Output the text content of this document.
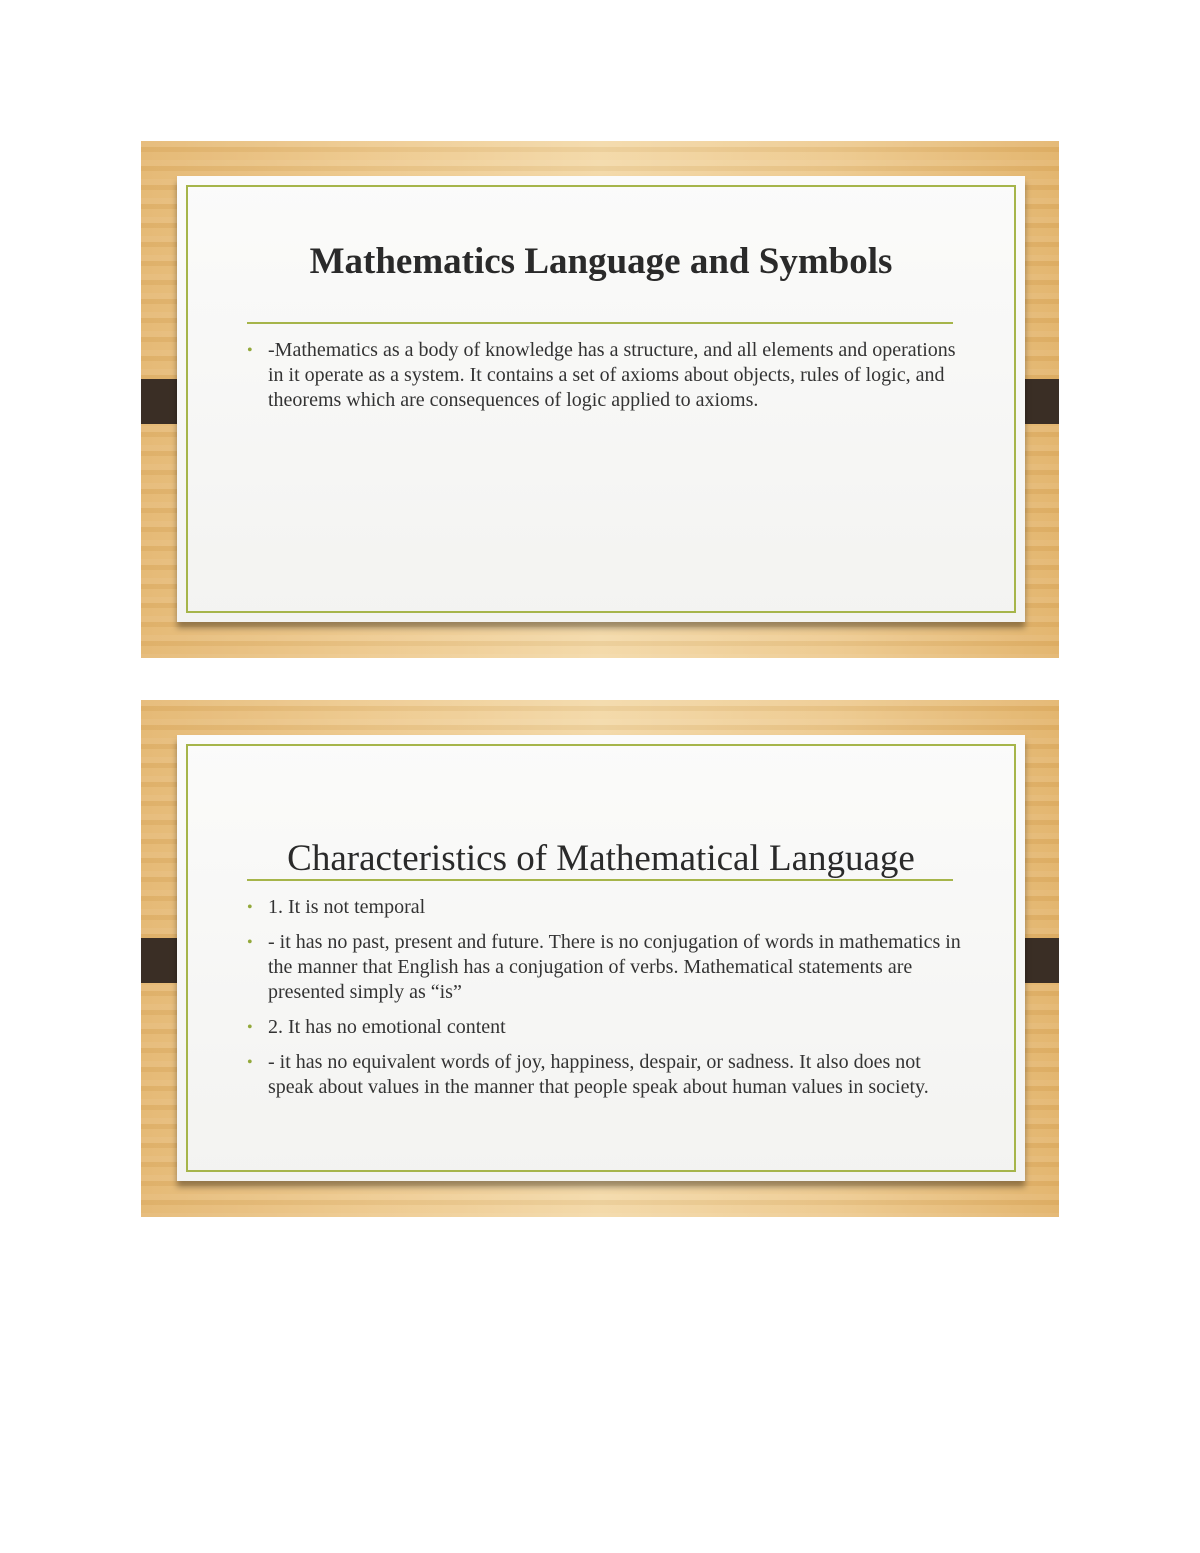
Mathematics Language and Symbols
• -Mathematics as a body of knowledge has a structure, and all elements and operations in it operate as a system. It contains a set of axioms about objects, rules of logic, and theorems which are consequences of logic applied to axioms.
Characteristics of Mathematical Language
• 1. It is not temporal
• - it has no past, present and future. There is no conjugation of words in mathematics in the manner that English has a conjugation of verbs. Mathematical statements are presented simply as “is”
• 2. It has no emotional content
• - it has no equivalent words of joy, happiness, despair, or sadness. It also does not speak about values in the manner that people speak about human values in society.
